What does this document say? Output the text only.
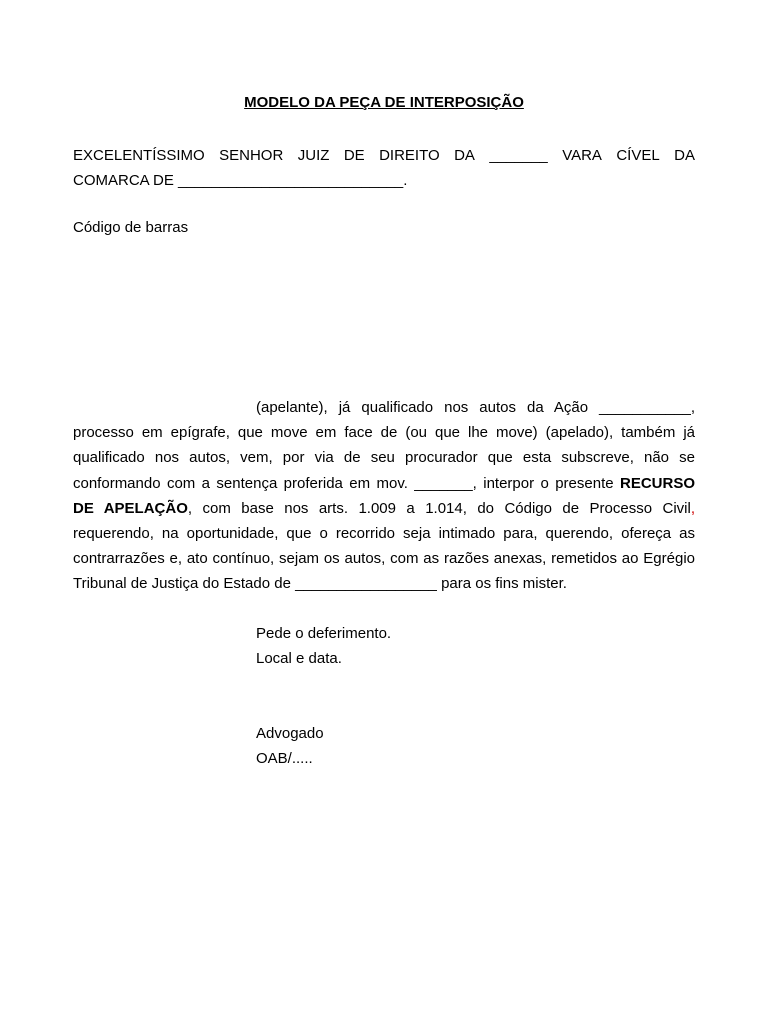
MODELO DA PEÇA DE INTERPOSIÇÃO
EXCELENTÍSSIMO SENHOR JUIZ DE DIREITO DA _______ VARA CÍVEL DA
COMARCA DE ___________________________.
Código de barras
(apelante), já qualificado nos autos da Ação ___________, processo em epígrafe, que move em face de (ou que lhe move) (apelado), também já qualificado nos autos, vem, por via de seu procurador que esta subscreve, não se conformando com a sentença proferida em mov. _______, interpor o presente RECURSO DE APELAÇÃO, com base nos arts. 1.009 a 1.014, do Código de Processo Civil, requerendo, na oportunidade, que o recorrido seja intimado para, querendo, ofereça as contrarrazões e, ato contínuo, sejam os autos, com as razões anexas, remetidos ao Egrégio Tribunal de Justiça do Estado de _________________ para os fins mister.
Pede o deferimento.
Local e data.
Advogado
OAB/.....
